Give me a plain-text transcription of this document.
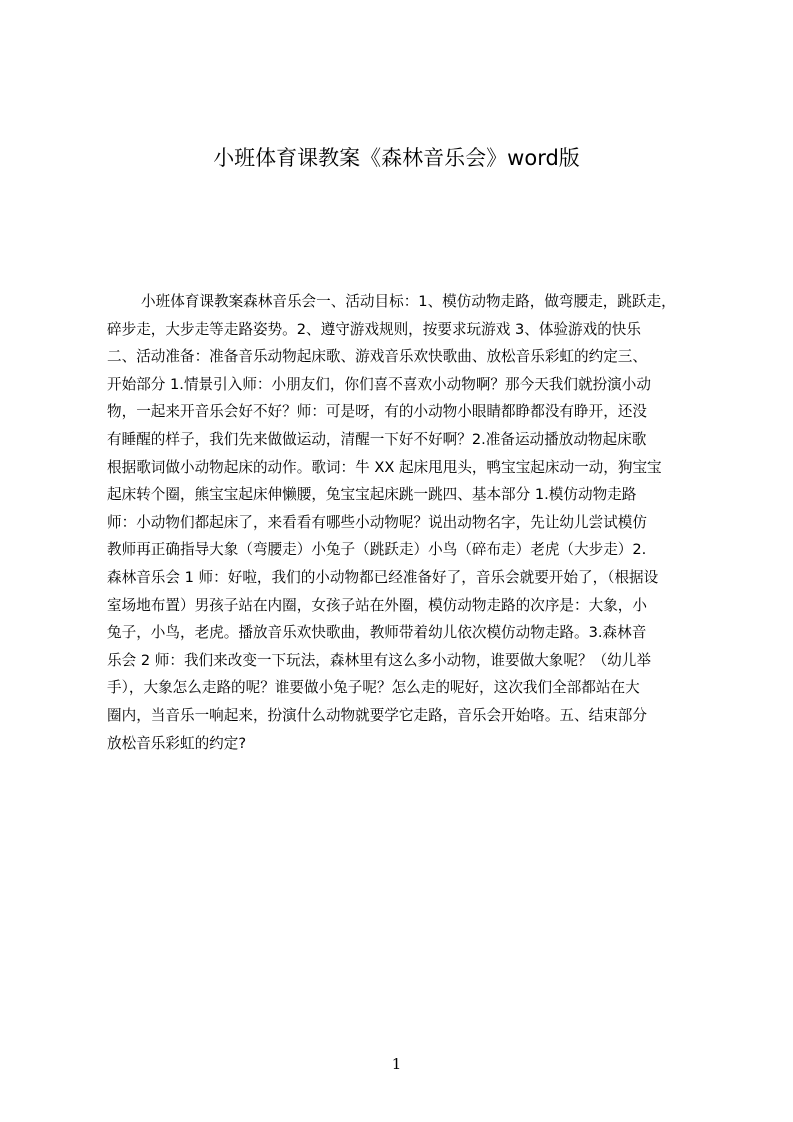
小班体育课教案《森林音乐会》word版
小班体育课教案森林音乐会一、活动目标：1、模仿动物走路，做弯腰走，跳跃走，
碎步走，大步走等走路姿势。2、遵守游戏规则，按要求玩游戏 3、体验游戏的快乐
二、活动准备：准备音乐动物起床歌、游戏音乐欢快歌曲、放松音乐彩虹的约定三、
开始部分 1.情景引入师：小朋友们，你们喜不喜欢小动物啊？那今天我们就扮演小动
物，一起来开音乐会好不好？师：可是呀，有的小动物小眼睛都睁都没有睁开，还没
有睡醒的样子，我们先来做做运动，清醒一下好不好啊？2.准备运动播放动物起床歌
根据歌词做小动物起床的动作。歌词：牛 XX 起床甩甩头，鸭宝宝起床动一动，狗宝宝
起床转个圈，熊宝宝起床伸懒腰，兔宝宝起床跳一跳四、基本部分 1.模仿动物走路
师：小动物们都起床了，来看看有哪些小动物呢？说出动物名字，先让幼儿尝试模仿
教师再正确指导大象（弯腰走）小兔子（跳跃走）小鸟（碎布走）老虎（大步走）2.
森林音乐会 1 师：好啦，我们的小动物都已经准备好了，音乐会就要开始了，（根据设
室场地布置）男孩子站在内圈，女孩子站在外圈，模仿动物走路的次序是：大象，小
兔子，小鸟，老虎。播放音乐欢快歌曲，教师带着幼儿依次模仿动物走路。3.森林音
乐会 2 师：我们来改变一下玩法，森林里有这么多小动物，谁要做大象呢？（幼儿举
手），大象怎么走路的呢？谁要做小兔子呢？怎么走的呢好，这次我们全部都站在大
圈内，当音乐一响起来，扮演什么动物就要学它走路，音乐会开始咯。五、结束部分
放松音乐彩虹的约定?
1
